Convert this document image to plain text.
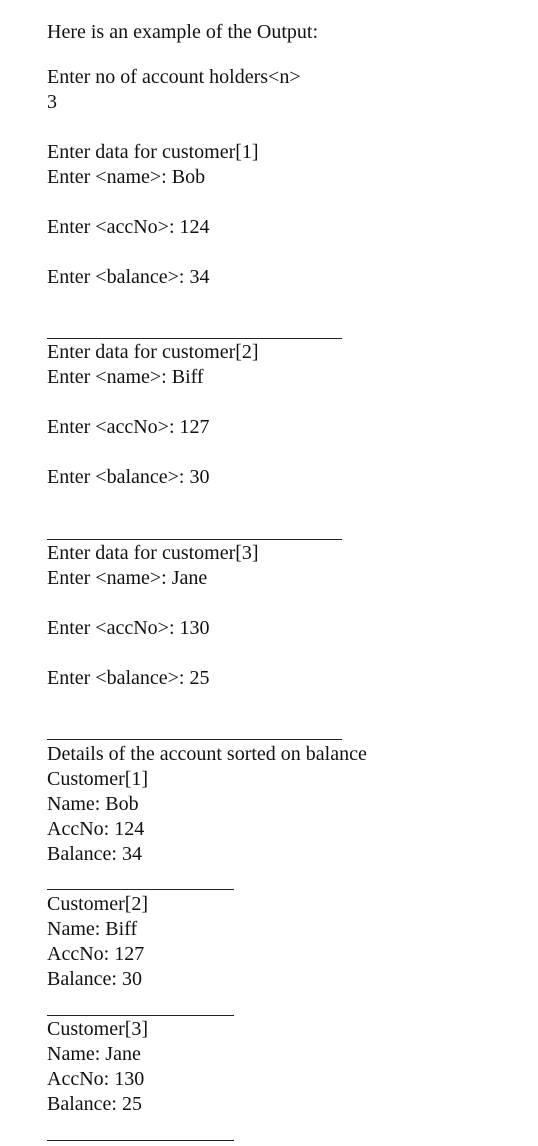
Here is an example of the Output:
Enter no of account holders<n>
3
Enter data for customer[1]
Enter <name>: Bob
Enter <accNo>: 124
Enter <balance>: 34
Enter data for customer[2]
Enter <name>: Biff
Enter <accNo>: 127
Enter <balance>: 30
Enter data for customer[3]
Enter <name>: Jane
Enter <accNo>: 130
Enter <balance>: 25
Details of the account sorted on balance
Customer[1]
Name: Bob
AccNo: 124
Balance: 34
Customer[2]
Name: Biff
AccNo: 127
Balance: 30
Customer[3]
Name: Jane
AccNo: 130
Balance: 25
